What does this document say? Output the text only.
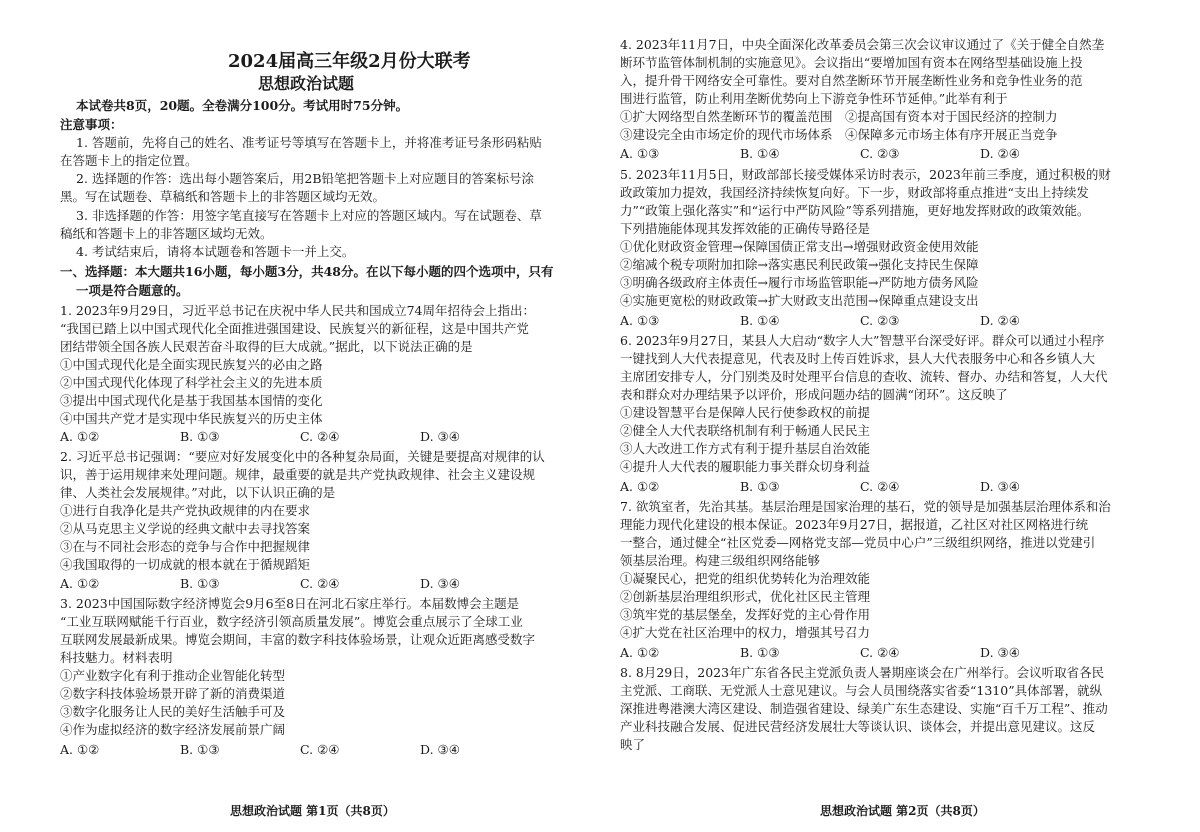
2024届高三年级2月份大联考
思想政治试题
本试卷共8页，20题。全卷满分100分。考试用时75分钟。
注意事项：
1. 答题前，先将自己的姓名、准考证号等填写在答题卡上，并将准考证号条形码粘贴
在答题卡上的指定位置。
2. 选择题的作答：选出每小题答案后，用2B铅笔把答题卡上对应题目的答案标号涂
黑。写在试题卷、草稿纸和答题卡上的非答题区域均无效。
3. 非选择题的作答：用签字笔直接写在答题卡上对应的答题区域内。写在试题卷、草
稿纸和答题卡上的非答题区域均无效。
4. 考试结束后，请将本试题卷和答题卡一并上交。
一、选择题：本大题共16小题，每小题3分，共48分。在以下每小题的四个选项中，只有
一项是符合题意的。
1. 2023年9月29日，习近平总书记在庆祝中华人民共和国成立74周年招待会上指出：
“我国已踏上以中国式现代化全面推进强国建设、民族复兴的新征程，这是中国共产党
团结带领全国各族人民艰苦奋斗取得的巨大成就。”据此，以下说法正确的是
①中国式现代化是全面实现民族复兴的必由之路
②中国式现代化体现了科学社会主义的先进本质
③提出中国式现代化是基于我国基本国情的变化
④中国共产党才是实现中华民族复兴的历史主体
A. ①②	B. ①③	C. ②④	D. ③④
2. 习近平总书记强调：“要应对好发展变化中的各种复杂局面，关键是要提高对规律的认
识，善于运用规律来处理问题。规律，最重要的就是共产党执政规律、社会主义建设规
律、人类社会发展规律。”对此，以下认识正确的是
①进行自我净化是共产党执政规律的内在要求
②从马克思主义学说的经典文献中去寻找答案
③在与不同社会形态的竞争与合作中把握规律
④我国取得的一切成就的根本就在于循规蹈矩
A. ①②	B. ①③	C. ②④	D. ③④
3. 2023中国国际数字经济博览会9月6至8日在河北石家庄举行。本届数博会主题是
“工业互联网赋能千行百业，数字经济引领高质量发展”。博览会重点展示了全球工业
互联网发展最新成果。博览会期间，丰富的数字科技体验场景，让观众近距离感受数字
科技魅力。材料表明
①产业数字化有利于推动企业智能化转型
②数字科技体验场景开辟了新的消费渠道
③数字化服务让人民的美好生活触手可及
④作为虚拟经济的数字经济发展前景广阔
A. ①②	B. ①③	C. ②④	D. ③④
思想政治试题 第1页（共8页）
4. 2023年11月7日，中央全面深化改革委员会第三次会议审议通过了《关于健全自然垄
断环节监管体制机制的实施意见》。会议指出“要增加国有资本在网络型基础设施上投
入，提升骨干网络安全可靠性。要对自然垄断环节开展垄断性业务和竞争性业务的范
围进行监管，防止利用垄断优势向上下游竞争性环节延伸。”此举有利于
①扩大网络型自然垄断环节的覆盖范围　②提高国有资本对于国民经济的控制力
③建设完全由市场定价的现代市场体系　④保障多元市场主体有序开展正当竞争
A. ①③	B. ①④	C. ②③	D. ②④
5. 2023年11月5日，财政部部长接受媒体采访时表示，2023年前三季度，通过积极的财
政政策加力提效，我国经济持续恢复向好。下一步，财政部将重点推进“支出上持续发
力”“政策上强化落实”和“运行中严防风险”等系列措施，更好地发挥财政的政策效能。
下列措施能体现其发挥效能的正确传导路径是
①优化财政资金管理→保障国债正常支出→增强财政资金使用效能
②缩减个税专项附加扣除→落实惠民利民政策→强化支持民生保障
③明确各级政府主体责任→履行市场监管职能→严防地方债务风险
④实施更宽松的财政政策→扩大财政支出范围→保障重点建设支出
A. ①③	B. ①④	C. ②③	D. ②④
6. 2023年9月27日，某县人大启动“数字人大”智慧平台深受好评。群众可以通过小程序
一键找到人大代表提意见，代表及时上传百姓诉求，县人大代表服务中心和各乡镇人大
主席团安排专人，分门别类及时处理平台信息的查收、流转、督办、办结和答复，人大代
表和群众对办理结果予以评价，形成问题办结的圆满“闭环”。这反映了
①建设智慧平台是保障人民行使参政权的前提
②健全人大代表联络机制有利于畅通人民民主
③人大改进工作方式有利于提升基层自治效能
④提升人大代表的履职能力事关群众切身利益
A. ①②	B. ①③	C. ②④	D. ③④
7. 欲筑室者，先治其基。基层治理是国家治理的基石，党的领导是加强基层治理体系和治
理能力现代化建设的根本保证。2023年9月27日，据报道，乙社区对社区网格进行统
一整合，通过健全“社区党委—网格党支部—党员中心户”三级组织网络，推进以党建引
领基层治理。构建三级组织网络能够
①凝聚民心，把党的组织优势转化为治理效能
②创新基层治理组织形式，优化社区民主管理
③筑牢党的基层堡垒，发挥好党的主心骨作用
④扩大党在社区治理中的权力，增强其号召力
A. ①②	B. ①③	C. ②④	D. ③④
8. 8月29日，2023年广东省各民主党派负责人暑期座谈会在广州举行。会议听取省各民
主党派、工商联、无党派人士意见建议。与会人员围绕落实省委“1310”具体部署，就纵
深推进粤港澳大湾区建设、制造强省建设、绿美广东生态建设、实施“百千万工程”、推动
产业科技融合发展、促进民营经济发展壮大等谈认识、谈体会，并提出意见建议。这反
映了
思想政治试题 第2页（共8页）
